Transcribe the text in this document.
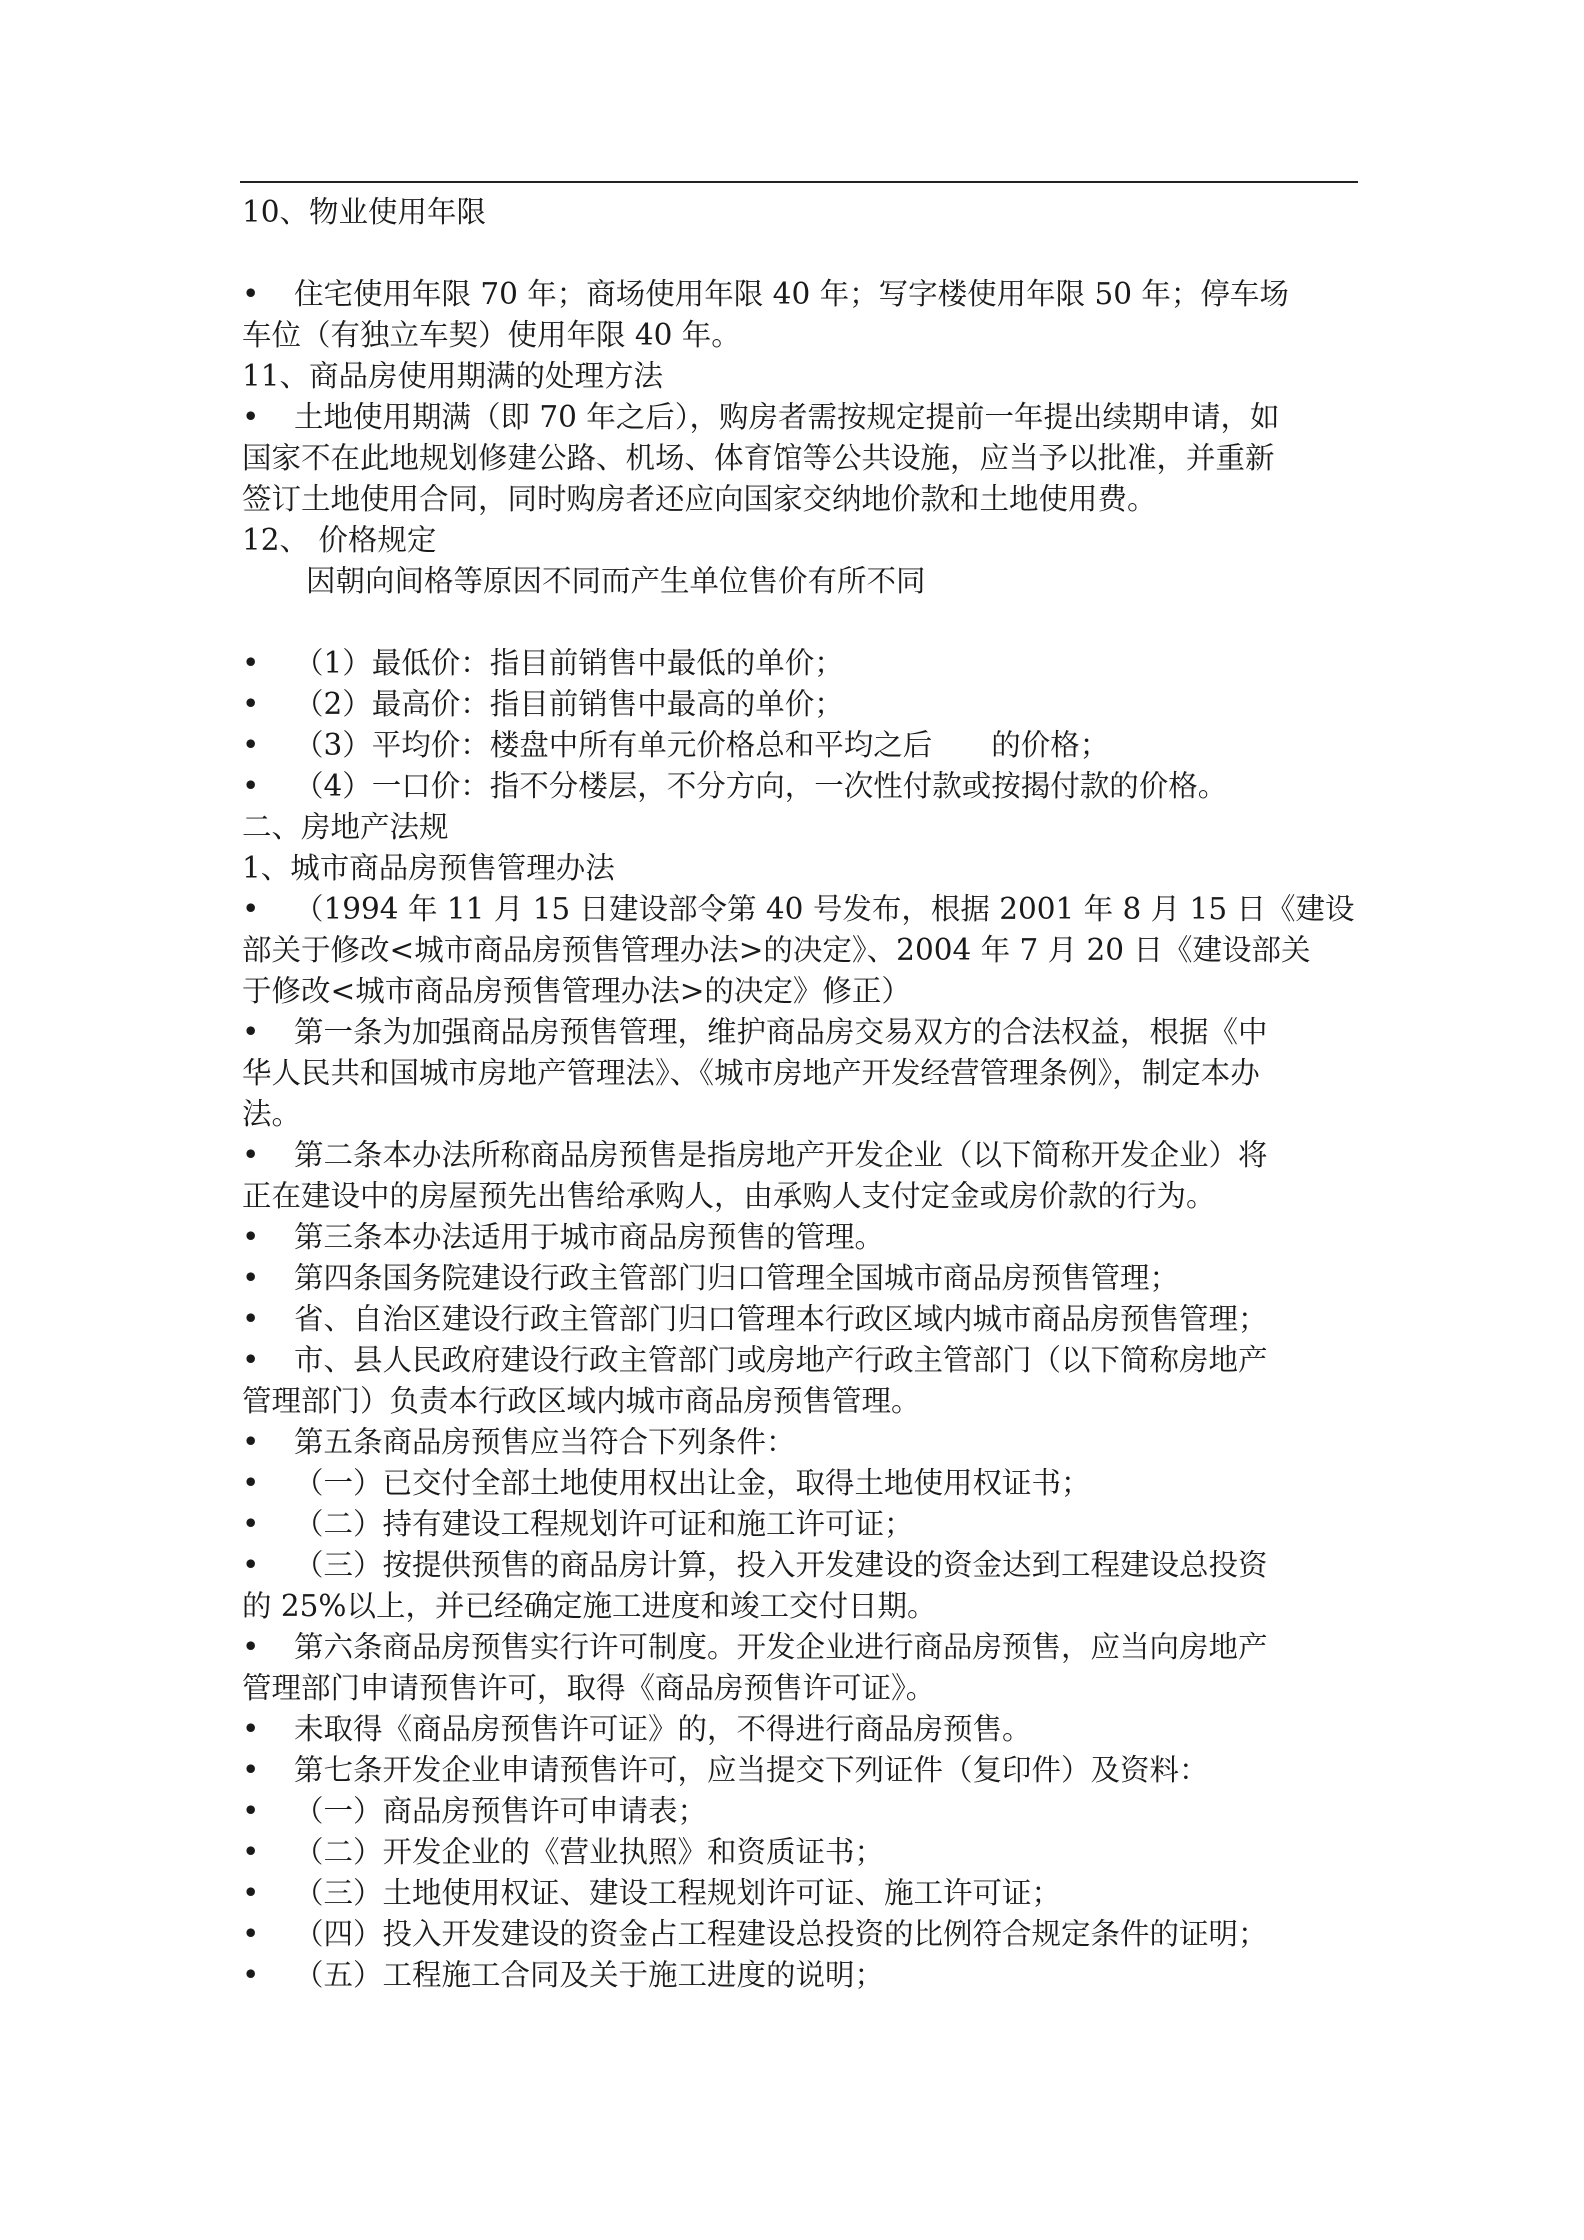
10、物业使用年限
• 住宅使用年限 70 年；商场使用年限 40 年；写字楼使用年限 50 年；停车场
车位（有独立车契）使用年限 40 年。
11、商品房使用期满的处理方法
• 土地使用期满（即 70 年之后），购房者需按规定提前一年提出续期申请，如
国家不在此地规划修建公路、机场、体育馆等公共设施，应当予以批准，并重新
签订土地使用合同，同时购房者还应向国家交纳地价款和土地使用费。
12、 价格规定
因朝向间格等原因不同而产生单位售价有所不同
• （1）最低价：指目前销售中最低的单价；
• （2）最高价：指目前销售中最高的单价；
• （3）平均价：楼盘中所有单元价格总和平均之后　　的价格；
• （4）一口价：指不分楼层，不分方向，一次性付款或按揭付款的价格。
二、房地产法规
1、城市商品房预售管理办法
• （1994 年 11 月 15 日建设部令第 40 号发布，根据 2001 年 8 月 15 日《建设
部关于修改<城市商品房预售管理办法>的决定》、2004 年 7 月 20 日《建设部关
于修改<城市商品房预售管理办法>的决定》修正）
• 第一条为加强商品房预售管理，维护商品房交易双方的合法权益，根据《中
华人民共和国城市房地产管理法》、《城市房地产开发经营管理条例》，制定本办
法。
• 第二条本办法所称商品房预售是指房地产开发企业（以下简称开发企业）将
正在建设中的房屋预先出售给承购人，由承购人支付定金或房价款的行为。
• 第三条本办法适用于城市商品房预售的管理。
• 第四条国务院建设行政主管部门归口管理全国城市商品房预售管理；
• 省、自治区建设行政主管部门归口管理本行政区域内城市商品房预售管理；
• 市、县人民政府建设行政主管部门或房地产行政主管部门（以下简称房地产
管理部门）负责本行政区域内城市商品房预售管理。
• 第五条商品房预售应当符合下列条件：
• （一）已交付全部土地使用权出让金，取得土地使用权证书；
• （二）持有建设工程规划许可证和施工许可证；
• （三）按提供预售的商品房计算，投入开发建设的资金达到工程建设总投资
的 25%以上，并已经确定施工进度和竣工交付日期。
• 第六条商品房预售实行许可制度。开发企业进行商品房预售，应当向房地产
管理部门申请预售许可，取得《商品房预售许可证》。
• 未取得《商品房预售许可证》的，不得进行商品房预售。
• 第七条开发企业申请预售许可，应当提交下列证件（复印件）及资料：
• （一）商品房预售许可申请表；
• （二）开发企业的《营业执照》和资质证书；
• （三）土地使用权证、建设工程规划许可证、施工许可证；
• （四）投入开发建设的资金占工程建设总投资的比例符合规定条件的证明；
• （五）工程施工合同及关于施工进度的说明；
